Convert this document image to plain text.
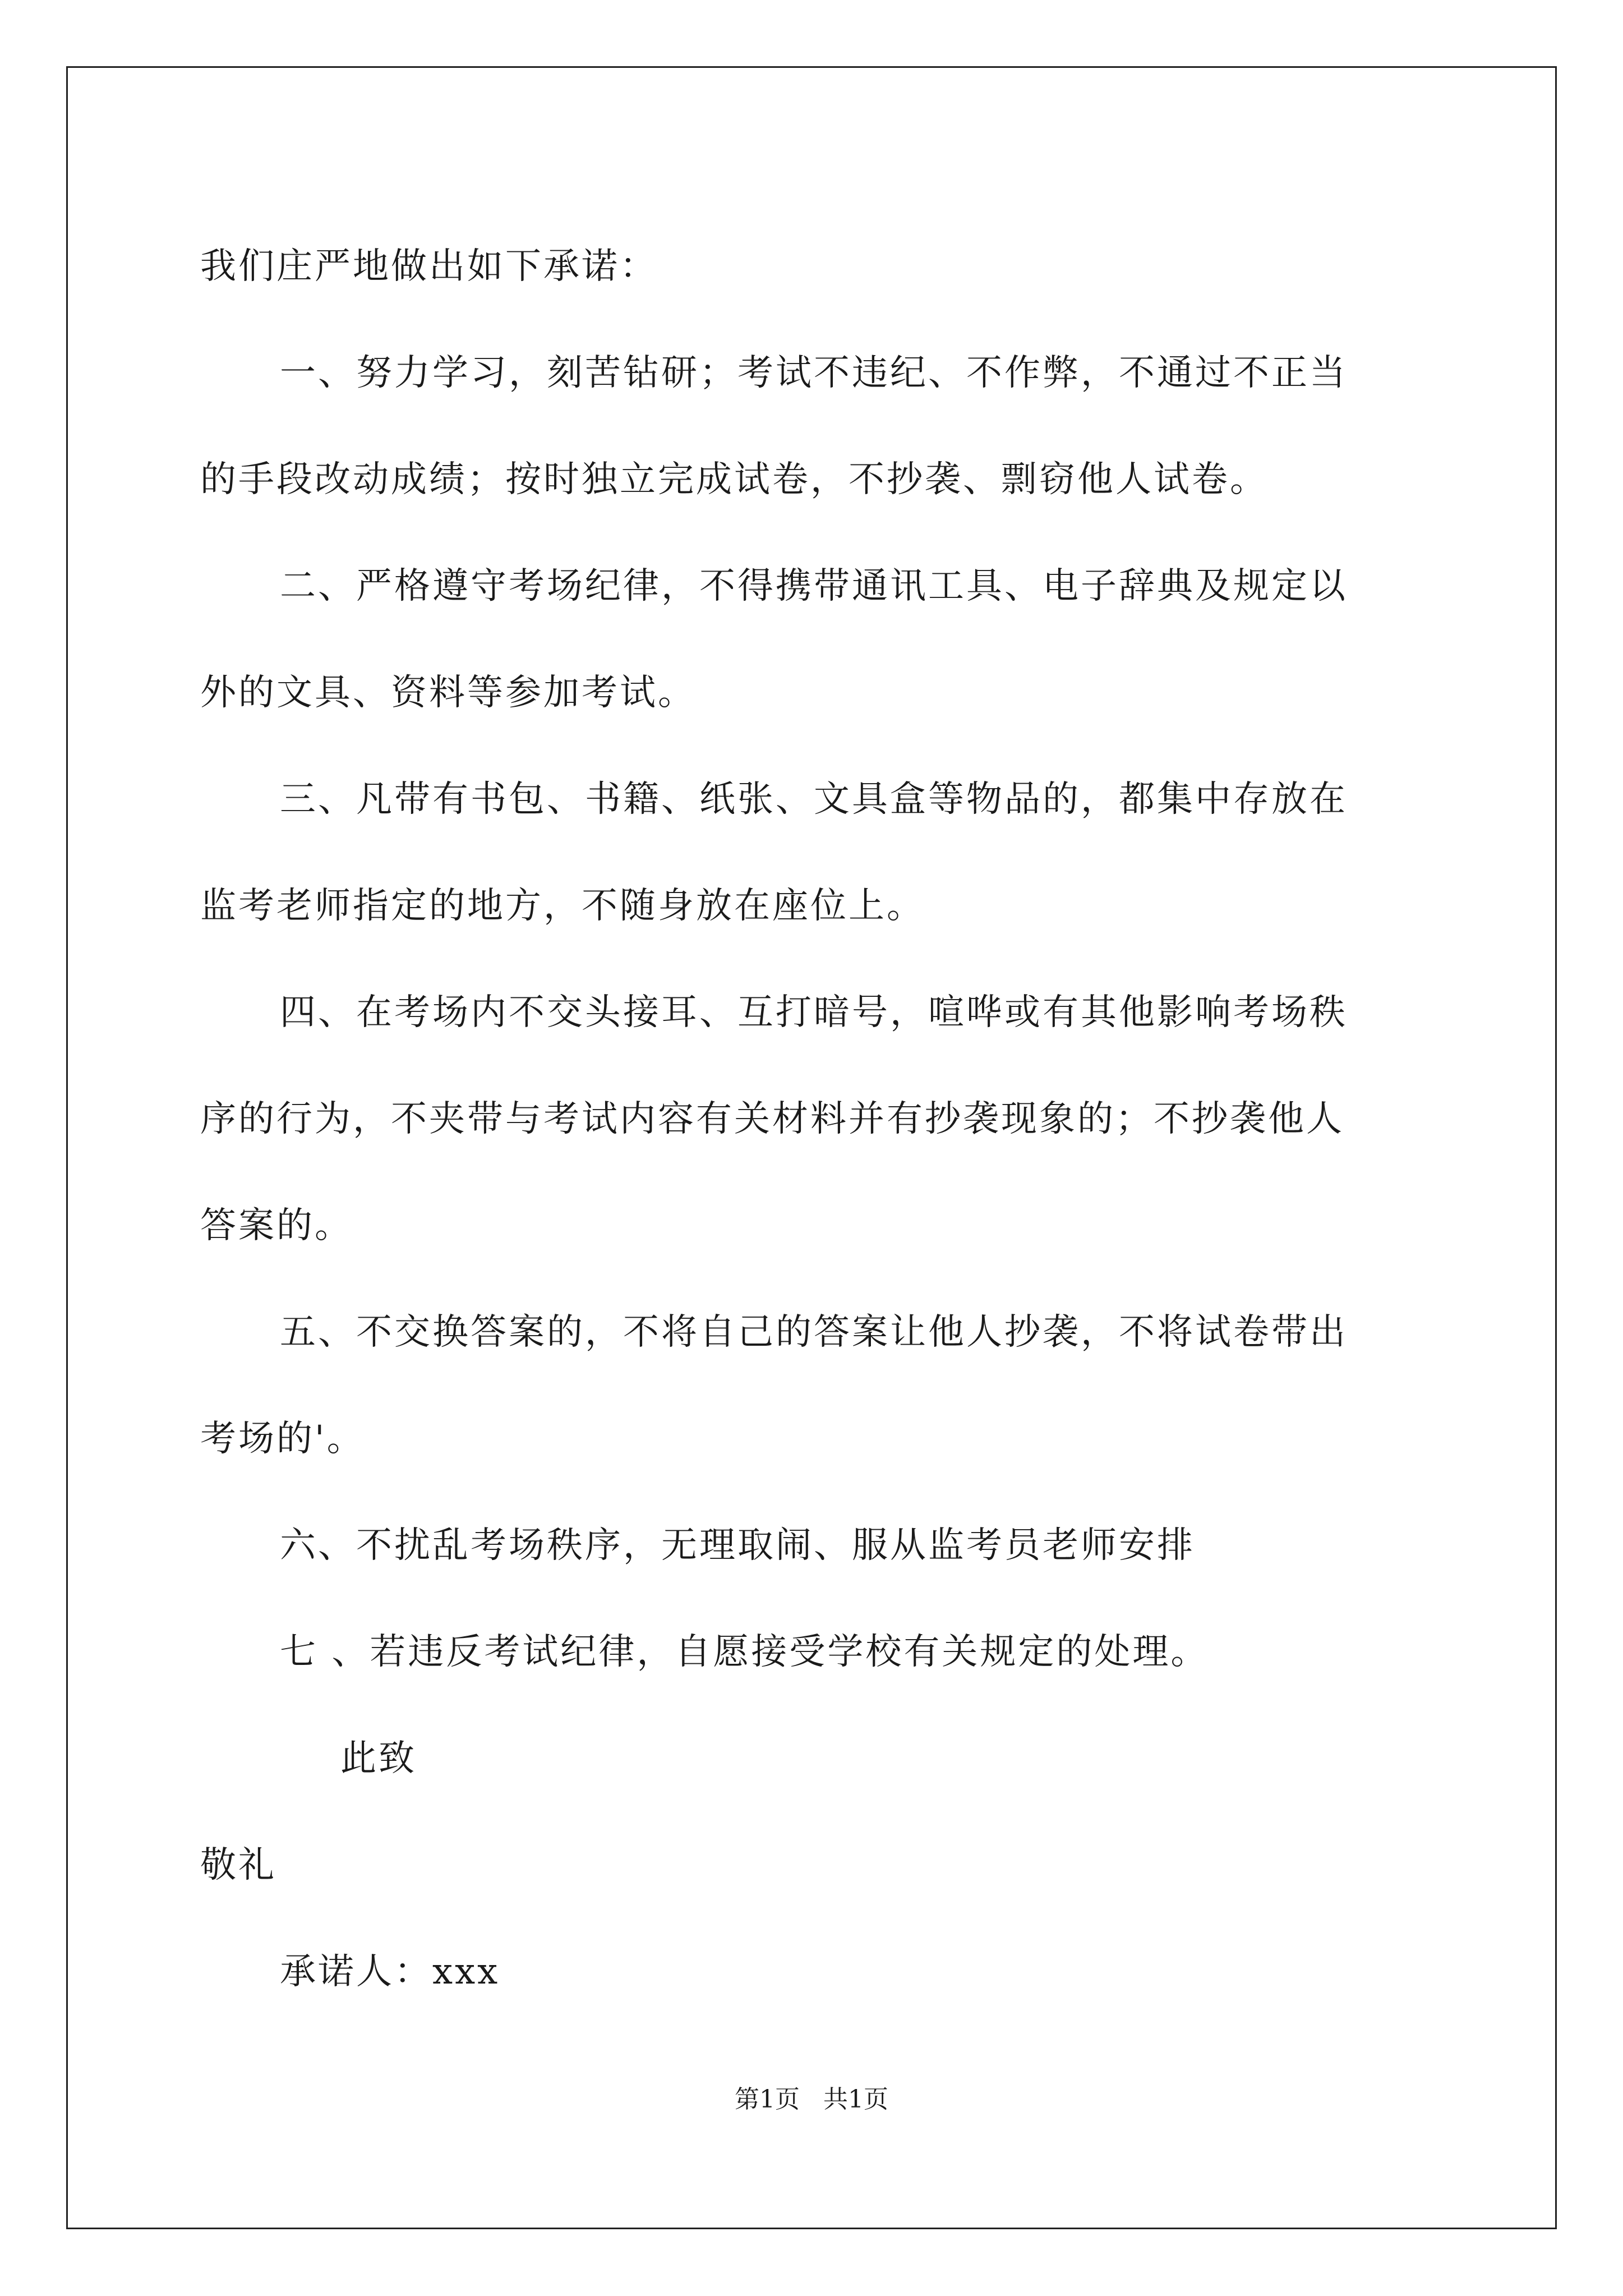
我们庄严地做出如下承诺：
一、努力学习，刻苦钻研；考试不违纪、不作弊，不通过不正当
的手段改动成绩；按时独立完成试卷，不抄袭、剽窃他人试卷。
二、严格遵守考场纪律，不得携带通讯工具、电子辞典及规定以
外的文具、资料等参加考试。
三、凡带有书包、书籍、纸张、文具盒等物品的，都集中存放在
监考老师指定的地方，不随身放在座位上。
四、在考场内不交头接耳、互打暗号，喧哗或有其他影响考场秩
序的行为，不夹带与考试内容有关材料并有抄袭现象的；不抄袭他人
答案的。
五、不交换答案的，不将自己的答案让他人抄袭，不将试卷带出
考场的'。
六、不扰乱考场秩序，无理取闹、服从监考员老师安排
七 、若违反考试纪律，自愿接受学校有关规定的处理。
此致
敬礼
承诺人：xxx
第1页   共1页
